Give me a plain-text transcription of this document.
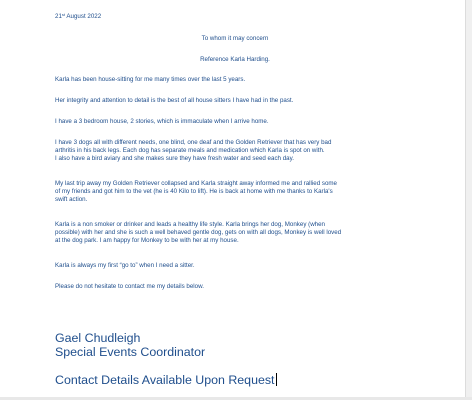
21st August 2022
To whom it may concern
Reference Karla Harding.
Karla has been house-sitting for me many times over the last 5 years.
Her integrity and attention to detail is the best of all house sitters I have had in the past.
I have a 3 bedroom house, 2 stories, which is immaculate when I arrive home.
I have 3 dogs all with different needs, one blind, one deaf and the Golden Retriever that has very bad
arthritis in his back legs. Each dog has separate meals and medication which Karla is spot on with.
I also have a bird aviary and she makes sure they have fresh water and seed each day.
My last trip away my Golden Retriever collapsed and Karla straight away informed me and rallied some
of my friends and got him to the vet (he is 40 Kilo to lift). He is back at home with me thanks to Karla's
swift action.
Karla is a non smoker or drinker and leads a healthy life style. Karla brings her dog, Monkey (when
possible) with her and she is such a well behaved gentle dog, gets on with all dogs, Monkey is well loved
at the dog park. I am happy for Monkey to be with her at my house.
Karla is always my first “go to” when I need a sitter.
Please do not hesitate to contact me my details below.
Gael Chudleigh
Special Events Coordinator
Contact Details Available Upon Request
